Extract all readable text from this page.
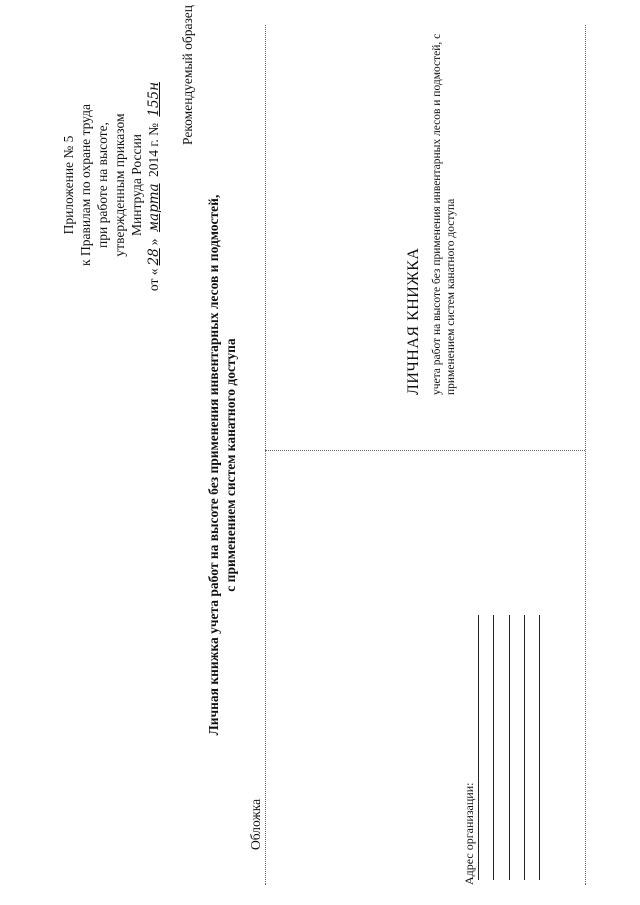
Приложение № 5 к Правилам по охране труда при работе на высоте, утвержденным приказом Минтруда России
от «28» марта 2014 г. № 155н Рекомендуемый образец
Личная книжка учета работ на высоте без применения инвентарных лесов и подмостей, с применением систем канатного доступа
Обложка	Адрес организации:
ЛИЧНАЯ КНИЖКА учета работ на высоте без применения инвентарных лесов и подмостей, с применением систем канатного доступа
